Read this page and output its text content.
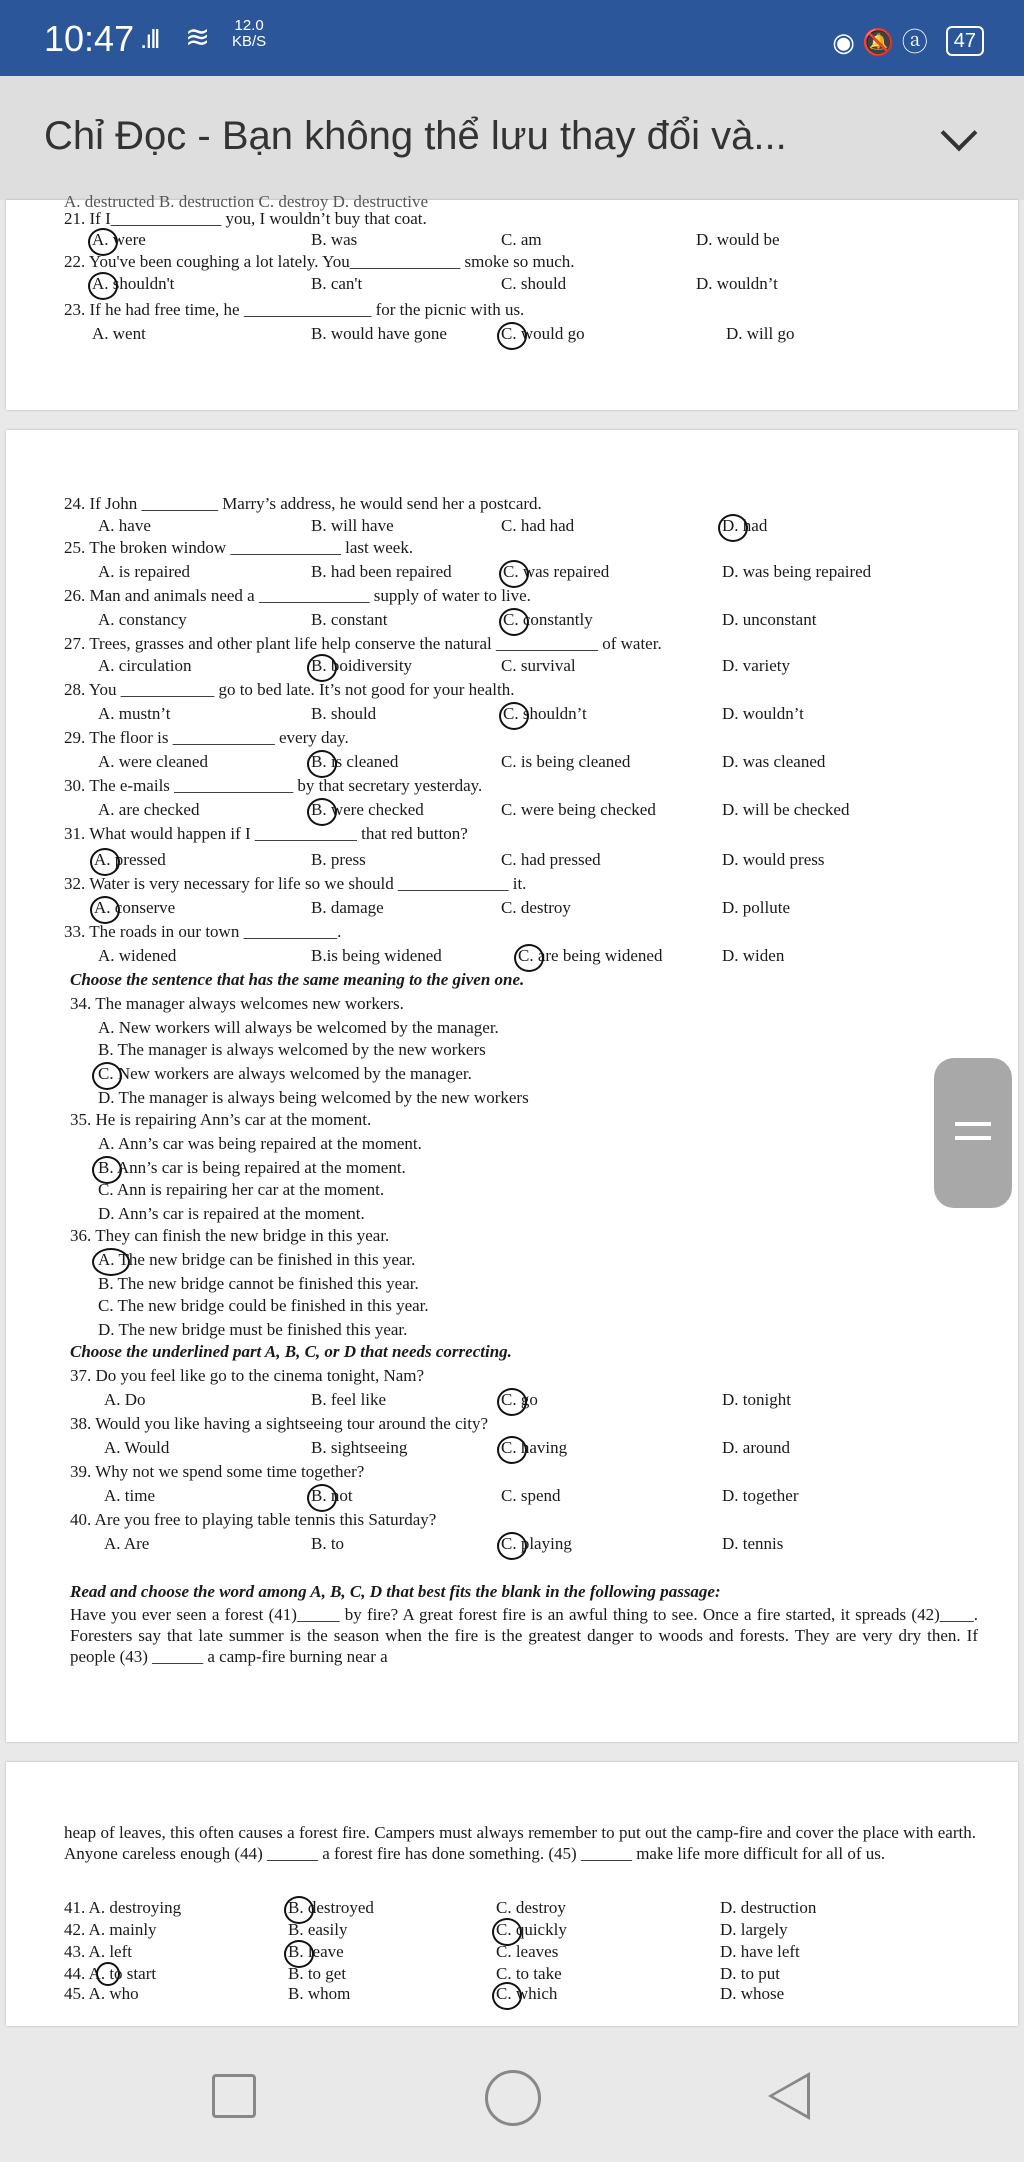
10:47 .ıll ≋ 12.0
KB/S	◉ 🔕 ⓐ	47
Chỉ Đọc - Bạn không thể lưu thay đổi và...
A. destructed B. destruction C. destroy D. destructive
21. If I_____________ you, I wouldn’t buy that coat.
A. were	B. was	C. am	D. would be
22. You've been coughing a lot lately. You_____________ smoke so much.
A. shouldn't	B. can't	C. should	D. wouldn’t
23. If he had free time, he _______________ for the picnic with us.
A. went	B. would have gone	C. would go	D. will go
24. If John _________ Marry’s address, he would send her a postcard.
A. have	B. will have	C. had had	D. had
25. The broken window _____________ last week.
A. is repaired	B. had been repaired	C. was repaired	D. was being repaired
26. Man and animals need a _____________ supply of water to live.
A. constancy	B. constant	C. constantly	D. unconstant
27. Trees, grasses and other plant life help conserve the natural ____________ of water.
A. circulation	B. boidiversity	C. survival	D. variety
28. You ___________ go to bed late. It’s not good for your health.
A. mustn’t	B. should	C. shouldn’t	D. wouldn’t
29. The floor is ____________ every day.
A. were cleaned	B. is cleaned	C. is being cleaned	D. was cleaned
30. The e-mails ______________ by that secretary yesterday.
A. are checked	B. were checked	C. were being checked	D. will be checked
31. What would happen if I ____________ that red button?
A. pressed	B. press	C. had pressed	D. would press
32. Water is very necessary for life so we should _____________ it.
A. conserve	B. damage	C. destroy	D. pollute
33. The roads in our town ___________.
A. widened	B.is being widened	C. are being widened	D. widen
Choose the sentence that has the same meaning to the given one.
34. The manager always welcomes new workers.
A. New workers will always be welcomed by the manager.
B. The manager is always welcomed by the new workers
C. New workers are always welcomed by the manager.
D. The manager is always being welcomed by the new workers
35. He is repairing Ann’s car at the moment.
A. Ann’s car was being repaired at the moment.
B. Ann’s car is being repaired at the moment.
C. Ann is repairing her car at the moment.
D. Ann’s car is repaired at the moment.
36. They can finish the new bridge in this year.
A. The new bridge can be finished in this year.
B. The new bridge cannot be finished this year.
C. The new bridge could be finished in this year.
D. The new bridge must be finished this year.
Choose the underlined part A, B, C, or D that needs correcting.
37. Do you feel like go to the cinema tonight, Nam?
A. Do	B. feel like	C. go	D. tonight
38. Would you like having a sightseeing tour around the city?
A. Would	B. sightseeing	C. having	D. around
39. Why not we spend some time together?
A. time	B. not	C. spend	D. together
40. Are you free to playing table tennis this Saturday?
A. Are	B. to	C. playing	D. tennis
Read and choose the word among A, B, C, D that best fits the blank in the following passage:
Have you ever seen a forest (41)_____ by fire? A great forest fire is an awful thing to see. Once a fire started, it spreads (42)____. Foresters say that late summer is the season when the fire is the greatest danger to woods and forests. They are very dry then. If people (43) ______ a camp-fire burning near a
heap of leaves, this often causes a forest fire. Campers must always remember to put out the camp-fire and cover the place with earth. Anyone careless enough (44) ______ a forest fire has done something. (45) ______ make life more difficult for all of us.
41. A. destroying	B. destroyed	C. destroy	D. destruction
42. A. mainly	B. easily	C. quickly	D. largely
43. A. left	B. leave	C. leaves	D. have left
44. A. to start	B. to get	C. to take	D. to put
45. A. who	B. whom	C. which	D. whose
